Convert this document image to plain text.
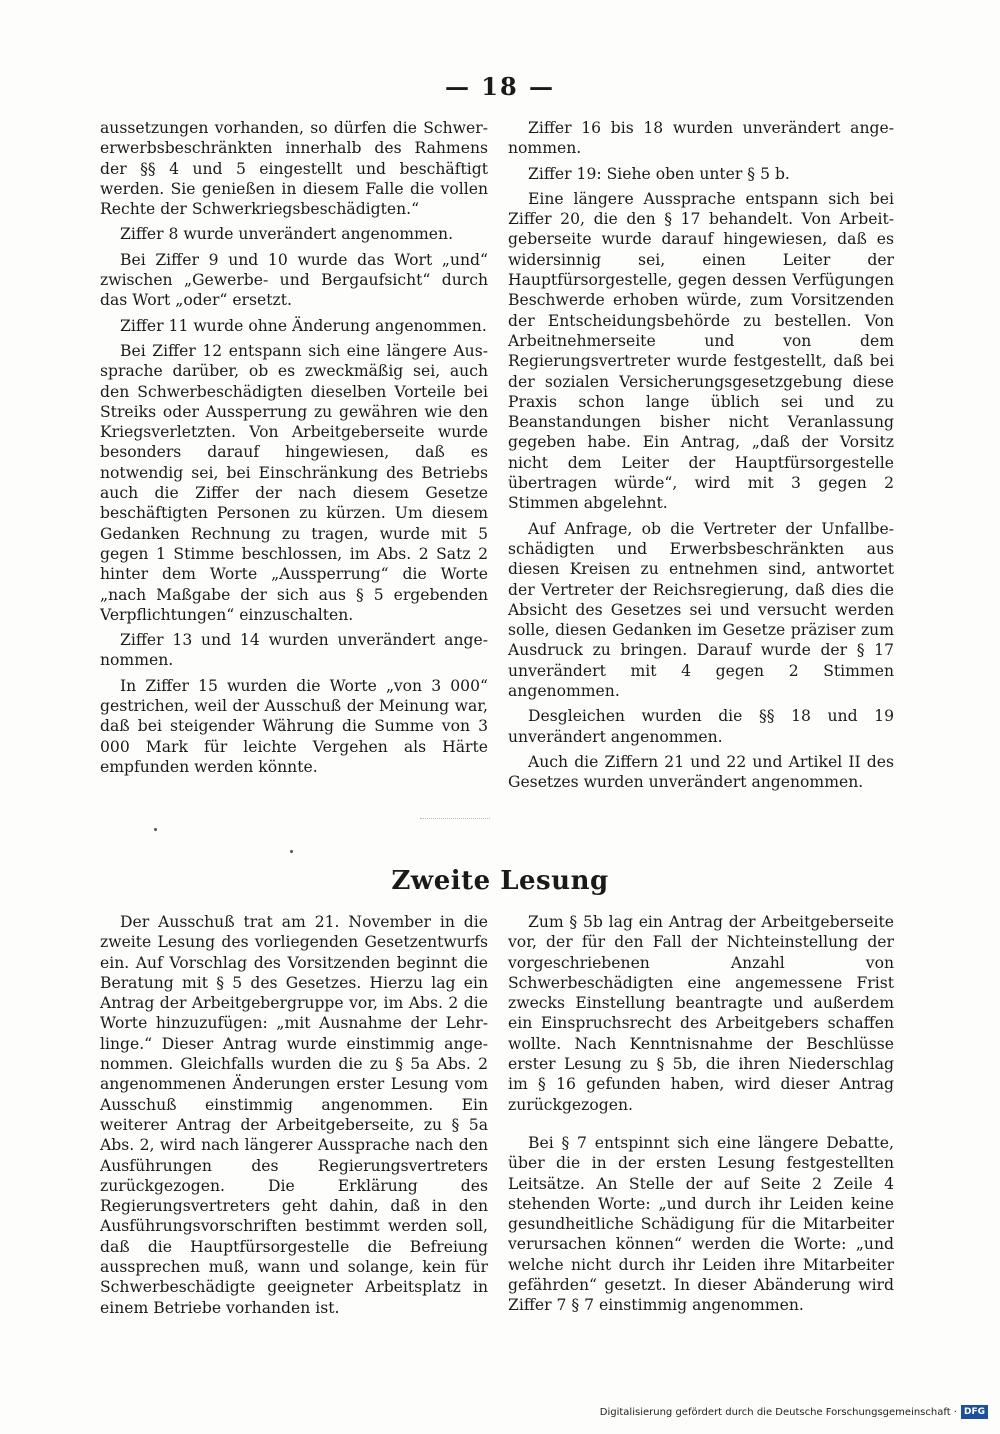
— 18 —

aussetzungen vorhanden, so dürfen die Schwererwerbsbeschränkten innerhalb des Rahmens der §§ 4 und 5 eingestellt und beschäftigt werden. Sie genießen in diesem Falle die vollen Rechte der Schwerkriegsbeschädigten.“

Ziffer 8 wurde unverändert angenommen.

Bei Ziffer 9 und 10 wurde das Wort „und“ zwischen „Gewerbe- und Bergaufsicht“ durch das Wort „oder“ ersetzt.

Ziffer 11 wurde ohne Änderung angenommen.

Bei Ziffer 12 entspann sich eine längere Aussprache darüber, ob es zweckmäßig sei, auch den Schwerbeschädigten dieselben Vorteile bei Streiks oder Aussperrung zu gewähren wie den Kriegsverletzten. Von Arbeitgeberseite wurde besonders darauf hingewiesen, daß es notwendig sei, bei Einschränkung des Betriebs auch die Ziffer der nach diesem Gesetze beschäftigten Personen zu kürzen. Um diesem Gedanken Rechnung zu tragen, wurde mit 5 gegen 1 Stimme beschlossen, im Abs. 2 Satz 2 hinter dem Worte „Aussperrung“ die Worte „nach Maßgabe der sich aus § 5 ergebenden Verpflichtungen“ einzuschalten.

Ziffer 13 und 14 wurden unverändert angenommen.

In Ziffer 15 wurden die Worte „von 3 000“ gestrichen, weil der Ausschuß der Meinung war, daß bei steigender Währung die Summe von 3 000 Mark für leichte Vergehen als Härte empfunden werden könnte.

Ziffer 16 bis 18 wurden unverändert angenommen.

Ziffer 19: Siehe oben unter § 5 b.

Eine längere Aussprache entspann sich bei Ziffer 20, die den § 17 behandelt. Von Arbeitgeberseite wurde darauf hingewiesen, daß es widersinnig sei, einen Leiter der Hauptfürsorgestelle, gegen dessen Verfügungen Beschwerde erhoben würde, zum Vorsitzenden der Entscheidungsbehörde zu bestellen. Von Arbeitnehmerseite und von dem Regierungsvertreter wurde festgestellt, daß bei der sozialen Versicherungsgesetzgebung diese Praxis schon lange üblich sei und zu Beanstandungen bisher nicht Veranlassung gegeben habe. Ein Antrag, „daß der Vorsitz nicht dem Leiter der Hauptfürsorgestelle übertragen würde“, wird mit 3 gegen 2 Stimmen abgelehnt.

Auf Anfrage, ob die Vertreter der Unfallbeschädigten und Erwerbsbeschränkten aus diesen Kreisen zu entnehmen sind, antwortet der Vertreter der Reichsregierung, daß dies die Absicht des Gesetzes sei und versucht werden solle, diesen Gedanken im Gesetze präziser zum Ausdruck zu bringen. Darauf wurde der § 17 unverändert mit 4 gegen 2 Stimmen angenommen.

Desgleichen wurden die §§ 18 und 19 unverändert angenommen.

Auch die Ziffern 21 und 22 und Artikel II des Gesetzes wurden unverändert angenommen.

Zweite Lesung

Der Ausschuß trat am 21. November in die zweite Lesung des vorliegenden Gesetzentwurfs ein. Auf Vorschlag des Vorsitzenden beginnt die Beratung mit § 5 des Gesetzes. Hierzu lag ein Antrag der Arbeitgebergruppe vor, im Abs. 2 die Worte hinzuzufügen: „mit Ausnahme der Lehrlinge.“ Dieser Antrag wurde einstimmig angenommen. Gleichfalls wurden die zu § 5a Abs. 2 angenommenen Änderungen erster Lesung vom Ausschuß einstimmig angenommen. Ein weiterer Antrag der Arbeitgeberseite, zu § 5a Abs. 2, wird nach längerer Aussprache nach den Ausführungen des Regierungsvertreters zurückgezogen. Die Erklärung des Regierungsvertreters geht dahin, daß in den Ausführungsvorschriften bestimmt werden soll, daß die Hauptfürsorgestelle die Befreiung aussprechen muß, wann und solange, kein für Schwerbeschädigte geeigneter Arbeitsplatz in einem Betriebe vorhanden ist.

Zum § 5b lag ein Antrag der Arbeitgeberseite vor, der für den Fall der Nichteinstellung der vorgeschriebenen Anzahl von Schwerbeschädigten eine angemessene Frist zwecks Einstellung beantragte und außerdem ein Einspruchsrecht des Arbeitgebers schaffen wollte. Nach Kenntnisnahme der Beschlüsse erster Lesung zu § 5b, die ihren Niederschlag im § 16 gefunden haben, wird dieser Antrag zurückgezogen.

Bei § 7 entspinnt sich eine längere Debatte, über die in der ersten Lesung festgestellten Leitsätze. An Stelle der auf Seite 2 Zeile 4 stehenden Worte: „und durch ihr Leiden keine gesundheitliche Schädigung für die Mitarbeiter verursachen können“ werden die Worte: „und welche nicht durch ihr Leiden ihre Mitarbeiter gefährden“ gesetzt. In dieser Abänderung wird Ziffer 7 § 7 einstimmig angenommen.

Digitalisierung gefördert durch die Deutsche Forschungsgemeinschaft · DFG
